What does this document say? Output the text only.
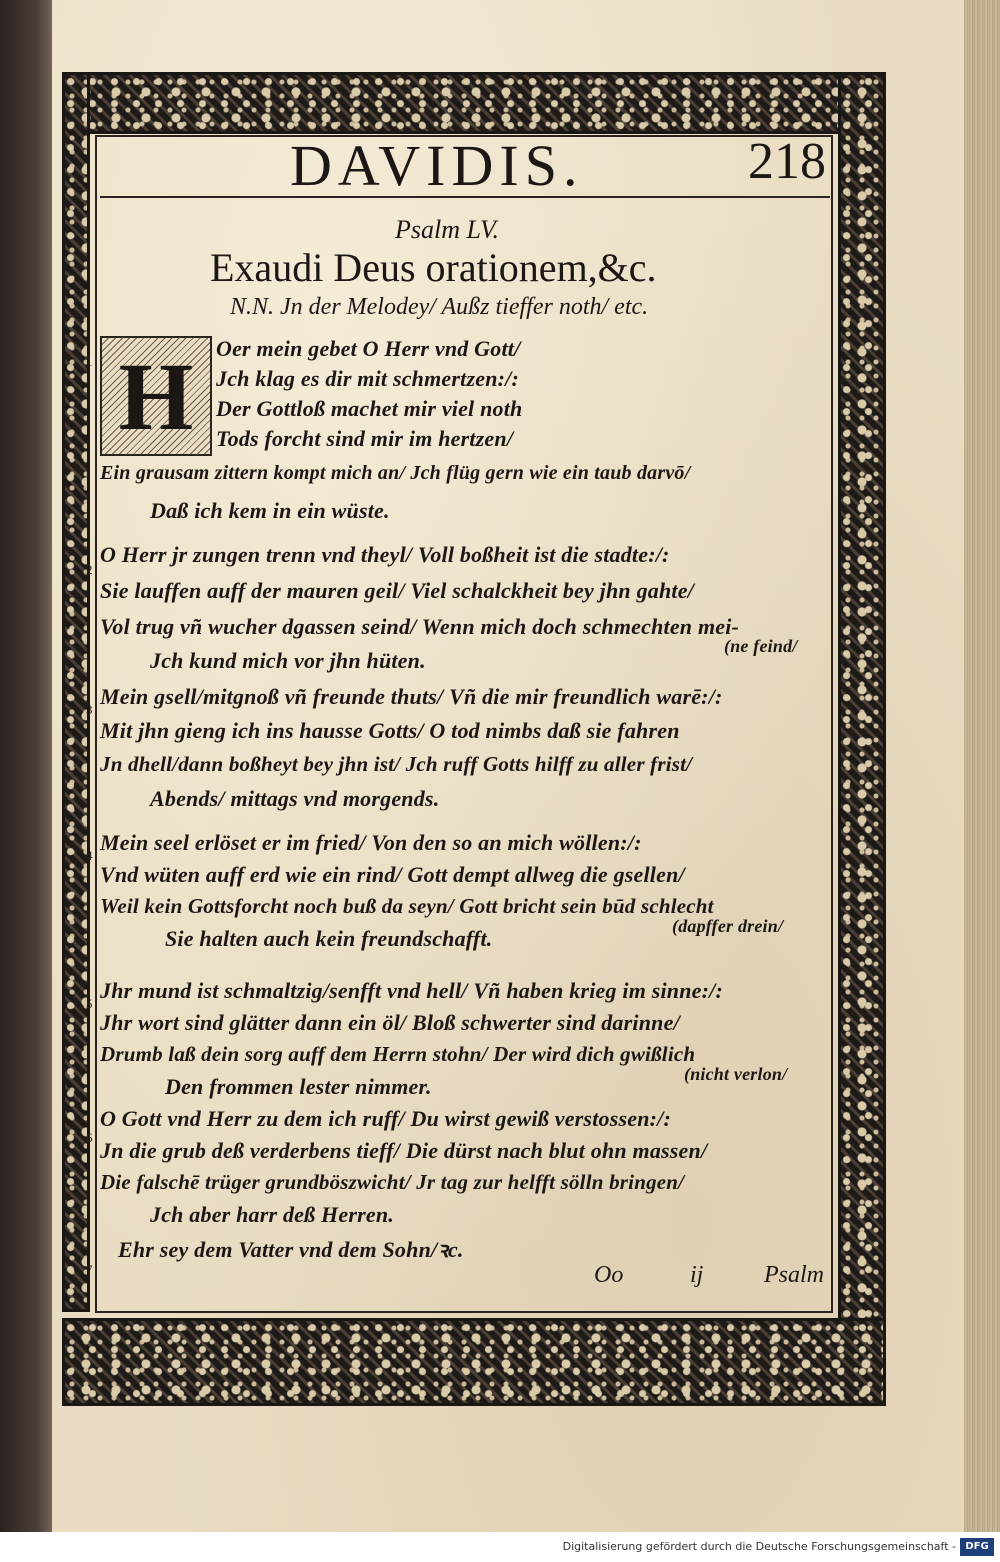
DAVIDIS.	218

Psalm LV.

Exaudi Deus orationem,&c.

N.N. Jn der Melodey/ Außz tieffer noth/ etc.

H
1

Oer mein gebet O Herr vnd Gott/

Jch klag es dir mit schmertzen:/:

Der Gottloß machet mir viel noth

Tods forcht sind mir im hertzen/

Ein grausam zittern kompt mich an/ Jch flüg gern wie ein taub darvō/

Daß ich kem in ein wüste.

2

O Herr jr zungen trenn vnd theyl/ Voll boßheit ist die stadte:/:

Sie lauffen auff der mauren geil/ Viel schalckheit bey jhn gahte/

Vol trug vñ wucher dgassen seind/ Wenn mich doch schmechten mei-

Jch kund mich vor jhn hüten.

(ne feind/

3

Mein gsell/mitgnoß vñ freunde thuts/ Vñ die mir freundlich warē:/:

Mit jhn gieng ich ins hausse Gotts/ O tod nimbs daß sie fahren

Jn dhell/dann boßheyt bey jhn ist/ Jch ruff Gotts hilff zu aller frist/

Abends/ mittags vnd morgends.

4

Mein seel erlöset er im fried/ Von den so an mich wöllen:/:

Vnd wüten auff erd wie ein rind/ Gott dempt allweg die gsellen/

Weil kein Gottsforcht noch buß da seyn/ Gott bricht sein būd schlecht

Sie halten auch kein freundschafft.	(dapffer drein/

5

Jhr mund ist schmaltzig/senfft vnd hell/ Vñ haben krieg im sinne:/:

Jhr wort sind glätter dann ein öl/ Bloß schwerter sind darinne/

Drumb laß dein sorg auff dem Herrn stohn/ Der wird dich gwißlich

Den frommen lester nimmer.	(nicht verlon/

6

O Gott vnd Herr zu dem ich ruff/ Du wirst gewiß verstossen:/:

Jn die grub deß verderbens tieff/ Die dürst nach blut ohn massen/

Die falschē trüger grundböszwicht/ Jr tag zur helfft sölln bringen/

Jch aber harr deß Herren.

7

Ehr sey dem Vatter vnd dem Sohn/ꝛc.

Oo	ij	Psalm

Digitalisierung gefördert durch die Deutsche Forschungsgemeinschaft - DFG
